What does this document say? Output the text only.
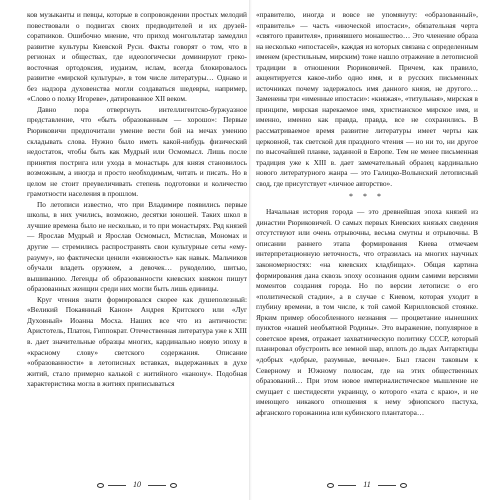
ков музыканты и певцы, которые в сопровождении простых мелодий повествовали о подвигах своих предводителей и их друзей-соратников. Ошибочно мнение, что приход монгольтатар замедлил развитие культуры Киевской Руси. Факты говорят о том, что в регионах и обществах, где идеологически доминируют греко-восточная ортодоксия, иудаизм, ислам, всегда блокировалось развитие «мирской культуры», в том числе литературы… Однако и без надзора духовенства могли создаваться шедевры, например, «Слово о полку Игореве», датированное XII веком.

Давно пора отвергнуть интеллигентско-буржуазное представление, что «быть образованным — хорошо»: Первые Рюриковичи предпочитали умение вести бой на мечах умению складывать слова. Нужно было иметь какой-нибудь физический недостаток, чтобы быть как Мудрый или Осмомысл. Лишь после принятия пострига или ухода в монастырь для князя становилось возможным, а иногда и просто необходимым, читать и писать. Но в целом не стоит преувеличивать степень подготовки и количество грамотности населения в прошлом.

По летописи известно, что при Владимире появились первые школы, в них учились, возможно, десятки юношей. Таких школ в лучшие времена было не несколько, и то при монастырях. Ряд князей — Ярослав Мудрый и Ярослав Осмомысл, Мстислав, Мономах и другие — стремились распространять свои культурные сеты «ему-разуму», но фактически ценили «книжность» как навык. Мальчиков обучали владеть оружием, а девочек… рукоделию, шитью, вышиванию. Легенды об образованности киевских княжон пишут образованных женщин среди них могли быть лишь единицы.

Круг чтения знати формировался скорее как душеполезный: «Великий Покаянный Канон» Андрея Критского или «Луг Духовный» Иоанна Мосха. Наших все что из античности: Аристотель, Платон, Гиппократ. Отечественная литература уже к XIII в. дает значительные образцы многих, кардинально новую эпоху в «красному слову» светского содержания. Описание «образованности» в летописных вставках, выдержанных в духе житий, стало примерно калькой с житийного «канону». Подобная характеристика могла в житиях приписываться

10

«правителю, иногда и вовсе не упомянуту: «образованный», «правитель» — часть «иноческой ипостаси», обязательная черта «святого правителя», принявшего монашество… Это членение образа на несколько «ипостасей», каждая из которых связана с определенным именем (крестильным, мирским) тоже нашло отражение в летописной традиции в отношении Рюриковичей. Причем, как правило, акцентируется какое-либо одно имя, и в русских письменных источниках почему задержалось имя данного князя, не другого… Заменены три «именные ипостаси»: «княжая», «титульная», мирская в принципе, мирская нарекаемое имя, христианское мирское имя, и именно, именно как правда, правда, все не сохранились. В рассматриваемое время развитие литературы имеет черты как церковной, так светской для праздного чтения — но ни то, ни другое по высочайшей планке, заданной в Европе. Тем не менее письменная традиция уже к XIII в. дает замечательный образец кардинально нового литературного жанра — это Галицко-Волынский летописный свод, где присутствует «личное авторство».

* * *

Начальная история города — это древнейшая эпоха князей из династии Рюриковичей. О самых первых Киевских князьях сведения отсутствуют или очень отрывочны, весьма смутны и отрывочны. В описании раннего этапа формирования Киева отмечаем интерпретационную неточность, что отразилась на многих научных закономерностях: «на киевских кладбищах». Общая картина формирования дана сквозь эпоху осознания одним самими версиями моментов создания города. Но по версии летописи: о его «политической стадии», а в случае с Киевом, которая уходит в глубину времени, в том числе, к той самой Кирилловской стоянке. Ярким пример обособленного незнания — процветание нынешних пунктов «нашей необъятной Родины». Это выражение, популярное в советское время, отражает захватническую политику СССР, который планировал обустроить все земной шар, вплоть до льдах Антарктиды «добрых «добрые, разумные, вечные». Был гласен таковым к Северному и Южному полюсам, где на этих общественных образований… При этом новое империалистическое мышление не смущает с шестидесяти украинцу, о которого «хата с краю», и не имеющего никакого отношения к нему эфиопского пастуха, афганского горожанина или кубинского плантатора…

11
